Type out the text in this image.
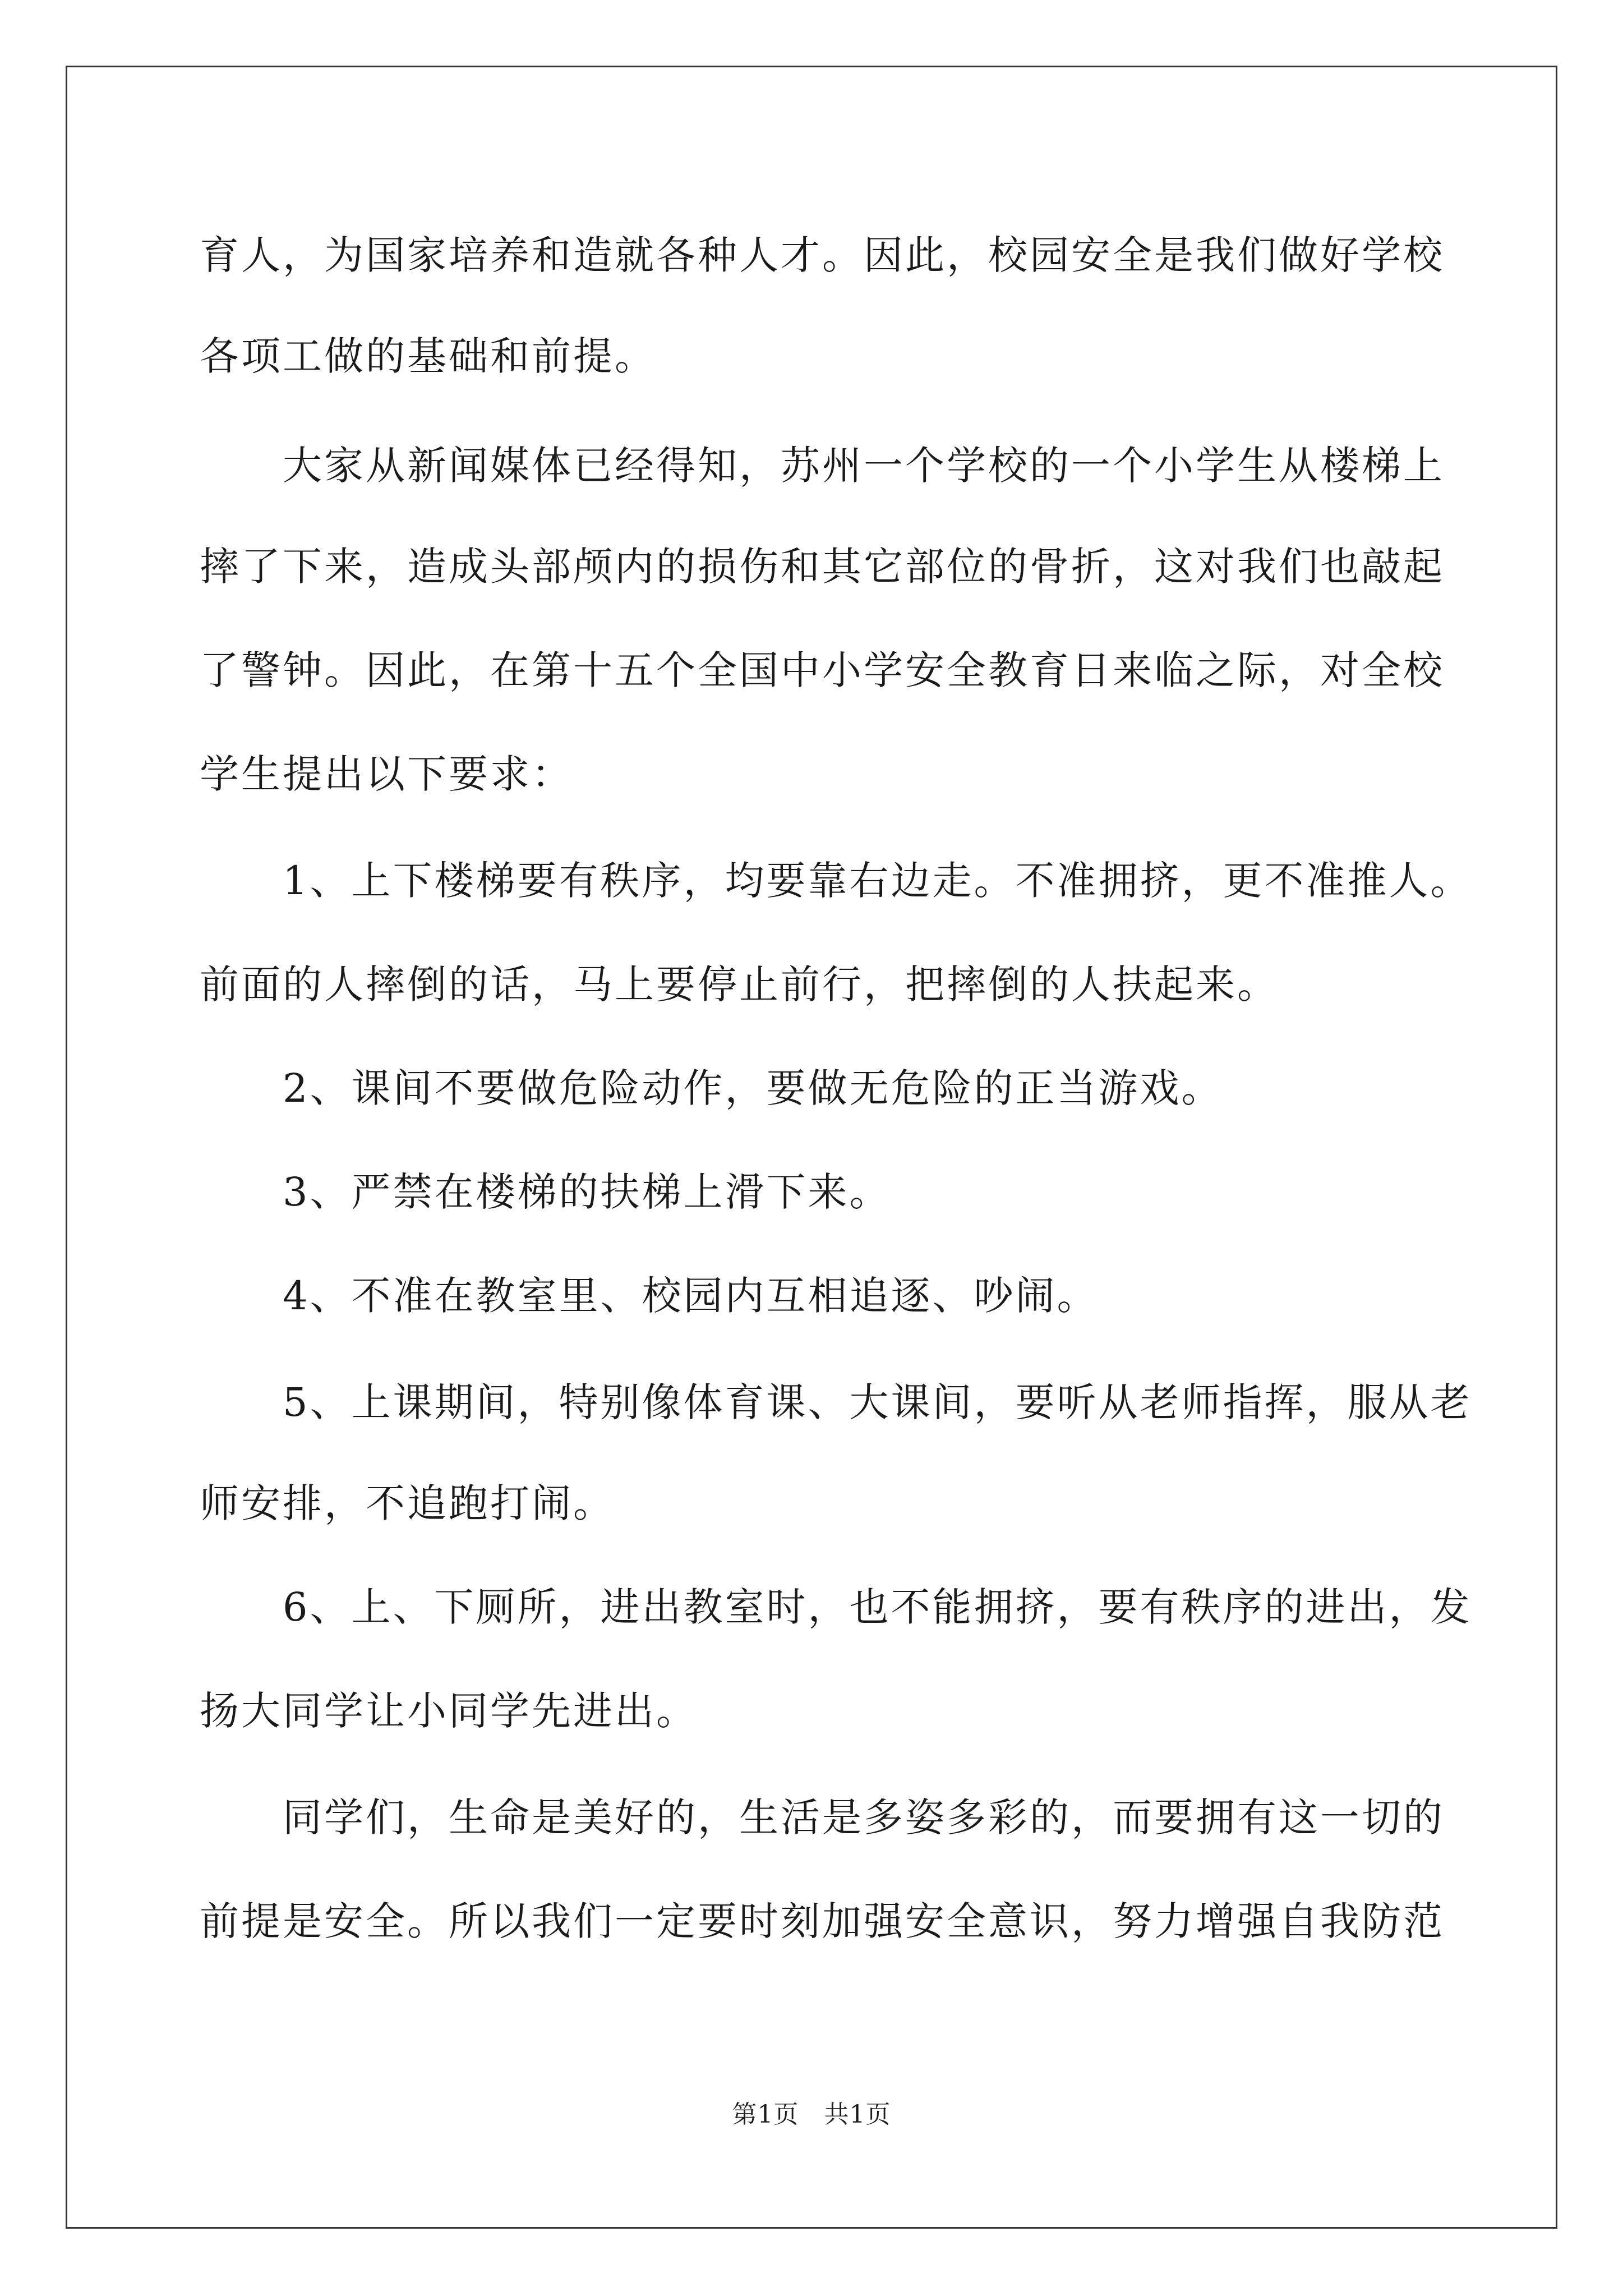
育人，为国家培养和造就各种人才。因此，校园安全是我们做好学校
各项工做的基础和前提。
　　大家从新闻媒体已经得知，苏州一个学校的一个小学生从楼梯上
摔了下来，造成头部颅内的损伤和其它部位的骨折，这对我们也敲起
了警钟。因此，在第十五个全国中小学安全教育日来临之际，对全校
学生提出以下要求：
　　1、上下楼梯要有秩序，均要靠右边走。不准拥挤，更不准推人。
前面的人摔倒的话，马上要停止前行，把摔倒的人扶起来。
　　2、课间不要做危险动作，要做无危险的正当游戏。
　　3、严禁在楼梯的扶梯上滑下来。
　　4、不准在教室里、校园内互相追逐、吵闹。
　　5、上课期间，特别像体育课、大课间，要听从老师指挥，服从老
师安排，不追跑打闹。
　　6、上、下厕所，进出教室时，也不能拥挤，要有秩序的进出，发
扬大同学让小同学先进出。
　　同学们，生命是美好的，生活是多姿多彩的，而要拥有这一切的
前提是安全。所以我们一定要时刻加强安全意识，努力增强自我防范
第1页 共1页
